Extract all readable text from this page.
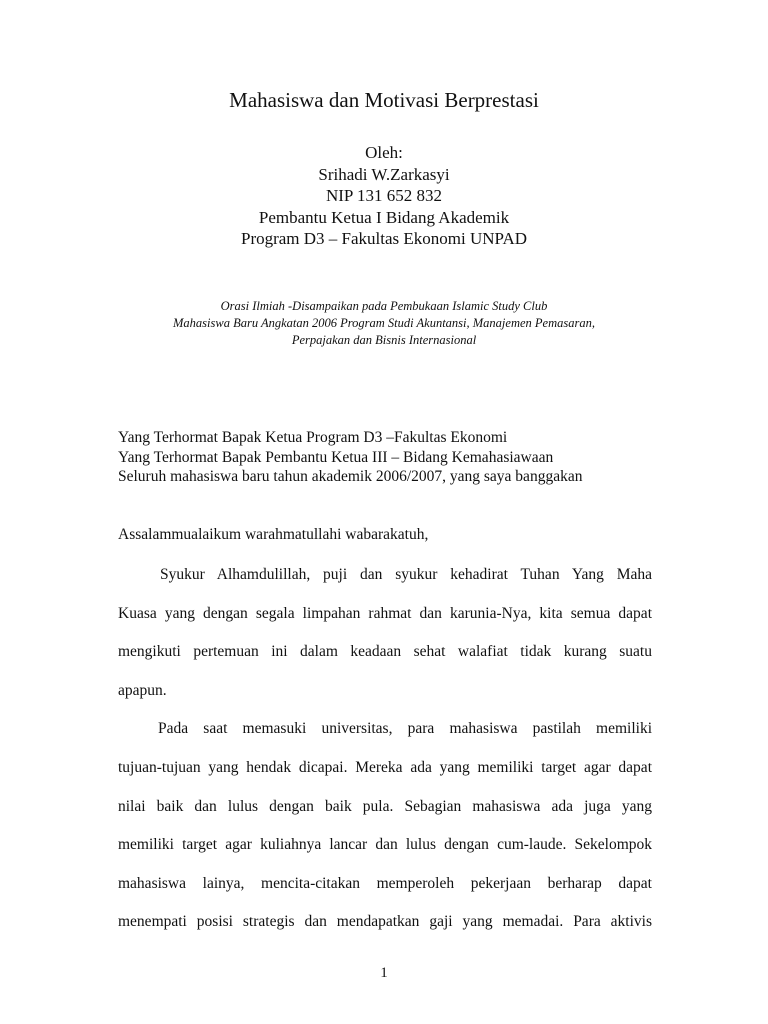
Mahasiswa dan Motivasi Berprestasi
Oleh:
Srihadi W.Zarkasyi
NIP 131 652 832
Pembantu Ketua I Bidang Akademik
Program D3 – Fakultas Ekonomi UNPAD
Orasi Ilmiah -Disampaikan pada Pembukaan Islamic Study Club
Mahasiswa Baru Angkatan 2006 Program Studi Akuntansi, Manajemen Pemasaran,
Perpajakan dan Bisnis Internasional
Yang Terhormat Bapak Ketua Program D3 –Fakultas Ekonomi
Yang Terhormat Bapak Pembantu Ketua III – Bidang Kemahasiawaan
Seluruh mahasiswa baru tahun akademik 2006/2007, yang saya banggakan
Assalammualaikum warahmatullahi wabarakatuh,
Syukur Alhamdulillah, puji dan syukur kehadirat Tuhan Yang Maha
Kuasa yang dengan segala limpahan rahmat dan karunia-Nya, kita semua dapat
mengikuti pertemuan ini dalam keadaan sehat walafiat tidak kurang suatu
apapun.
Pada saat memasuki universitas, para mahasiswa pastilah memiliki
tujuan-tujuan yang hendak dicapai. Mereka ada yang memiliki target agar dapat
nilai baik dan lulus dengan baik pula. Sebagian mahasiswa ada juga yang
memiliki target agar kuliahnya lancar dan lulus dengan cum-laude. Sekelompok
mahasiswa lainya, mencita-citakan memperoleh pekerjaan berharap dapat
menempati posisi strategis dan mendapatkan gaji yang memadai. Para aktivis
1
